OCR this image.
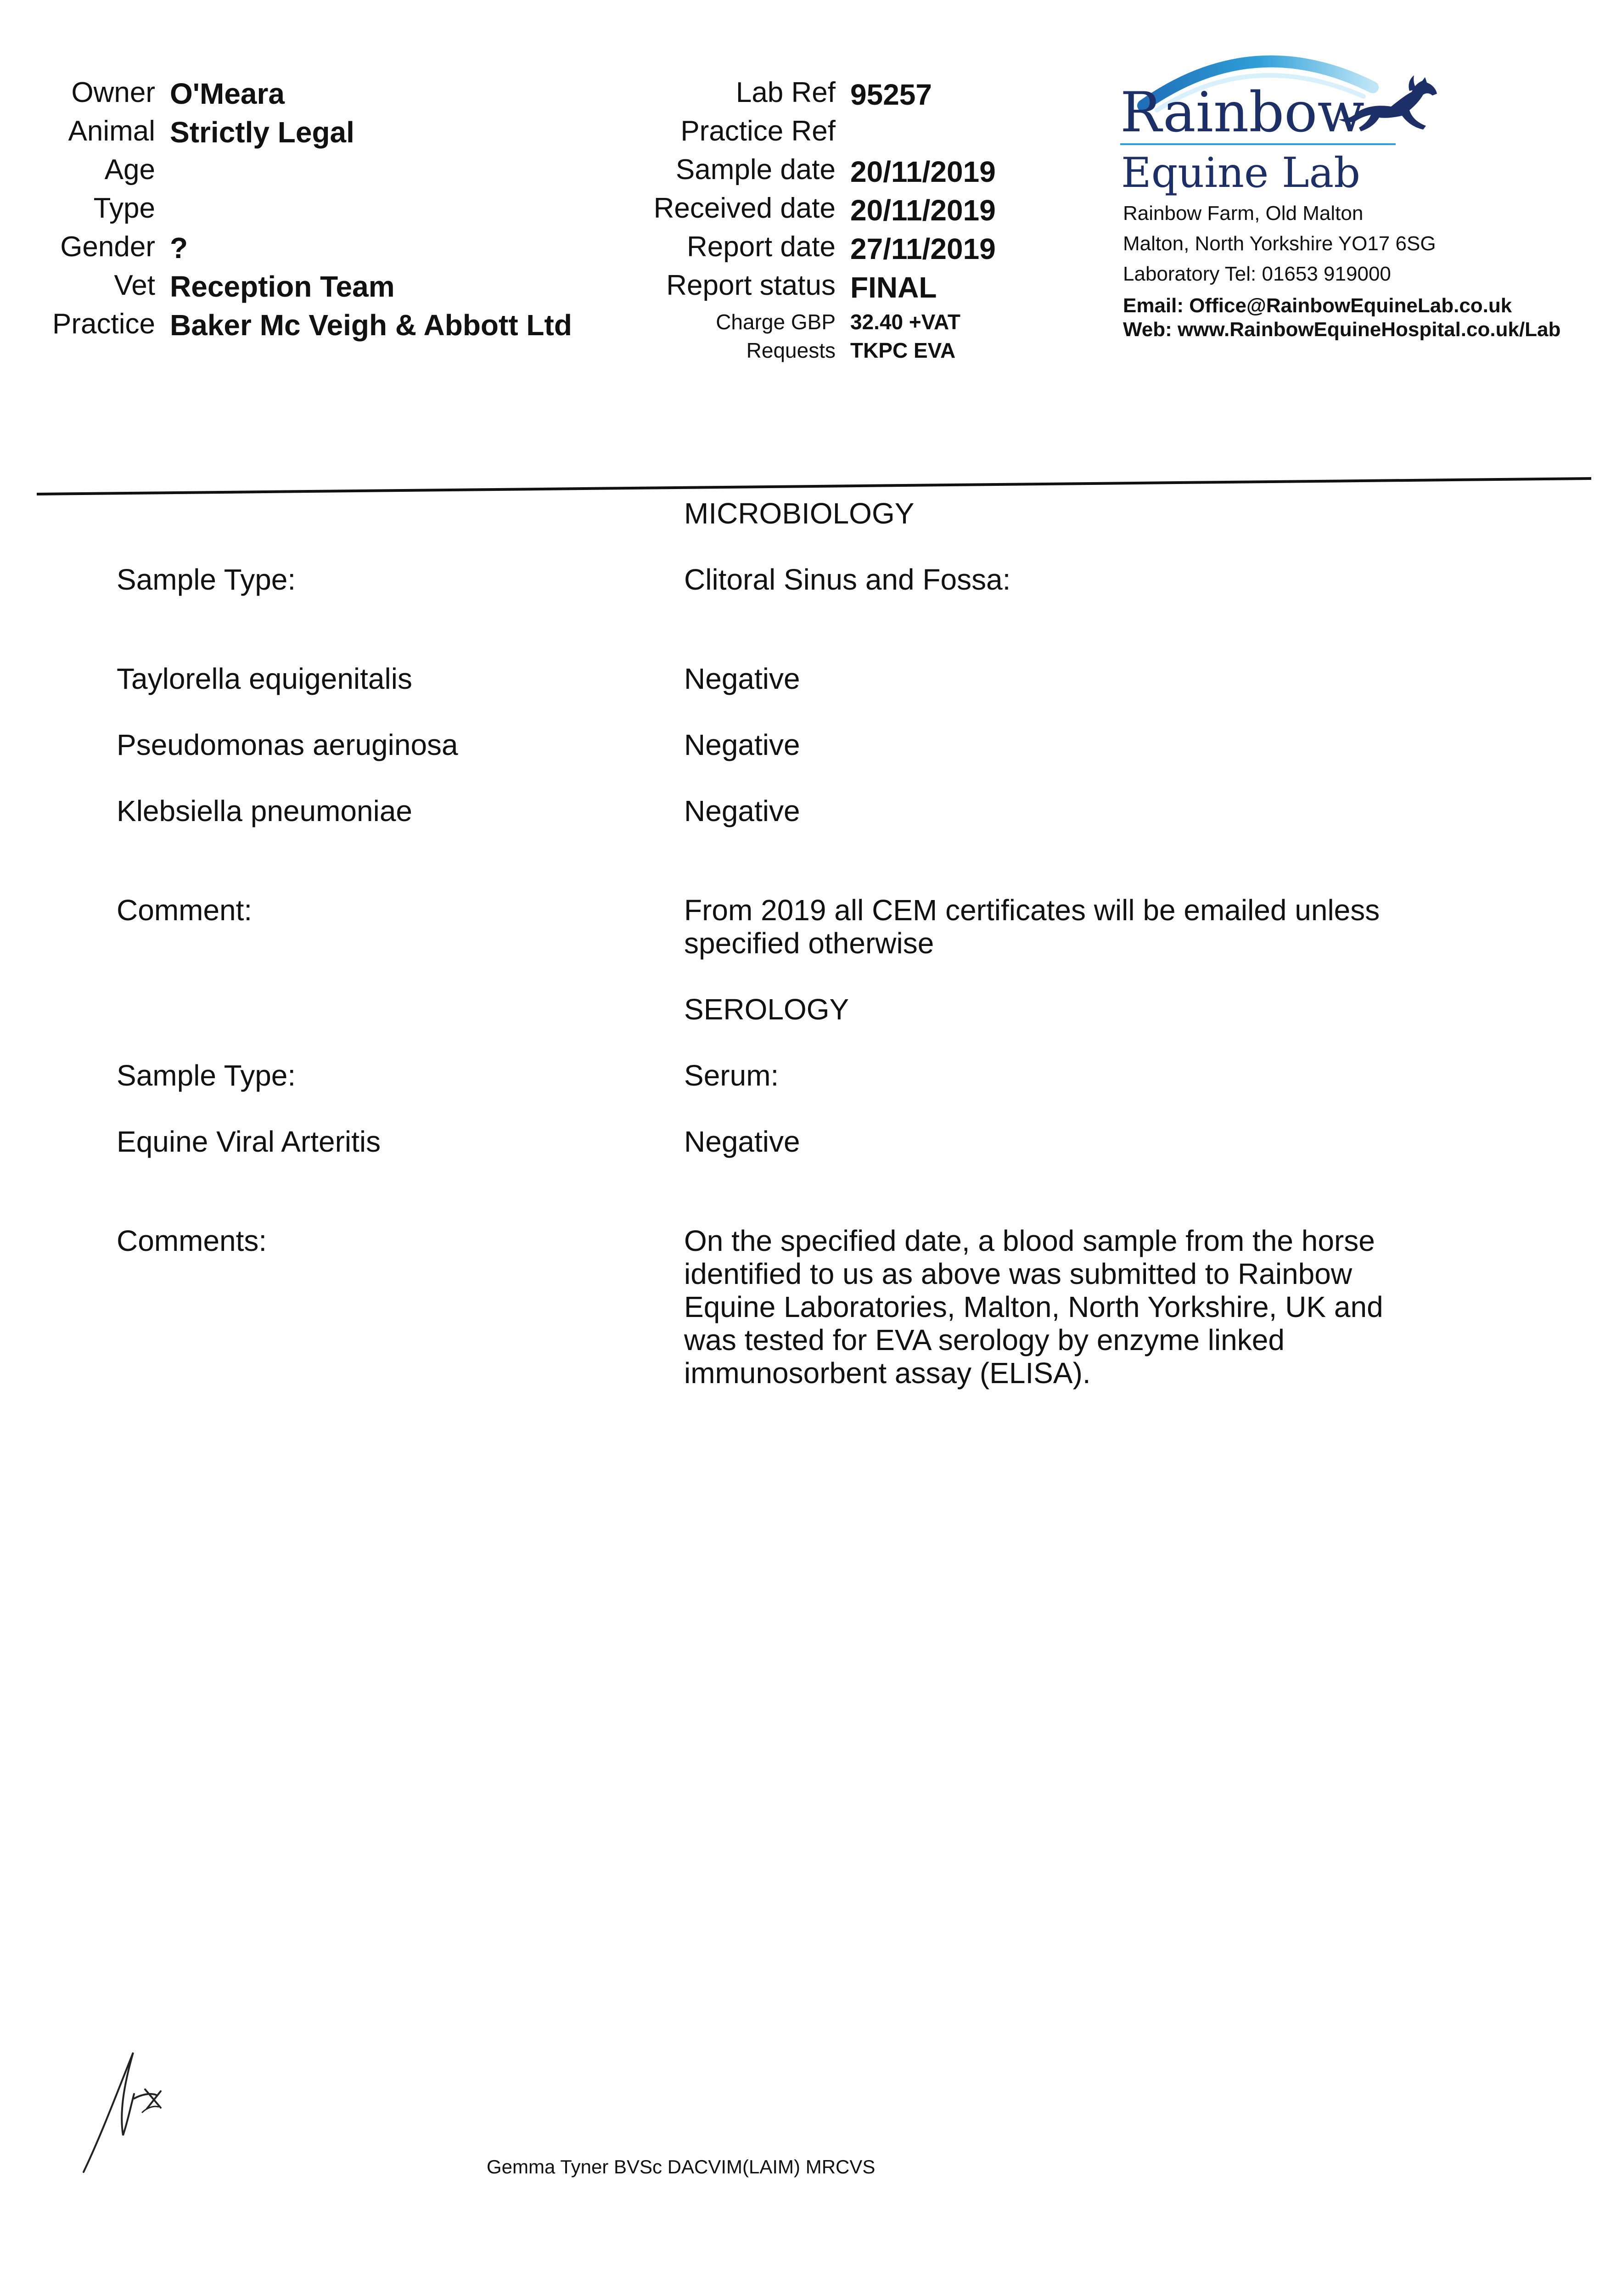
Owner O'Meara
Animal Strictly Legal
Age
Type
Gender ?
Vet Reception Team
Practice Baker Mc Veigh & Abbott Ltd
Lab Ref 95257
Practice Ref
Sample date 20/11/2019
Received date 20/11/2019
Report date 27/11/2019
Report status FINAL
Charge GBP 32.40 +VAT
Requests TKPC EVA
Rainbow
Equine Lab
Rainbow Farm, Old Malton
Malton, North Yorkshire YO17 6SG
Laboratory Tel: 01653 919000
Email: Office@RainbowEquineLab.co.uk
Web: www.RainbowEquineHospital.co.uk/Lab
MICROBIOLOGY
Sample Type:	Clitoral Sinus and Fossa:
Taylorella equigenitalis	Negative
Pseudomonas aeruginosa	Negative
Klebsiella pneumoniae	Negative
Comment:	From 2019 all CEM certificates will be emailed unless specified otherwise
SEROLOGY
Sample Type:	Serum:
Equine Viral Arteritis	Negative
Comments:	On the specified date, a blood sample from the horse identified to us as above was submitted to Rainbow Equine Laboratories, Malton, North Yorkshire, UK and was tested for EVA serology by enzyme linked immunosorbent assay (ELISA).
Gemma Tyner BVSc DACVIM(LAIM) MRCVS
